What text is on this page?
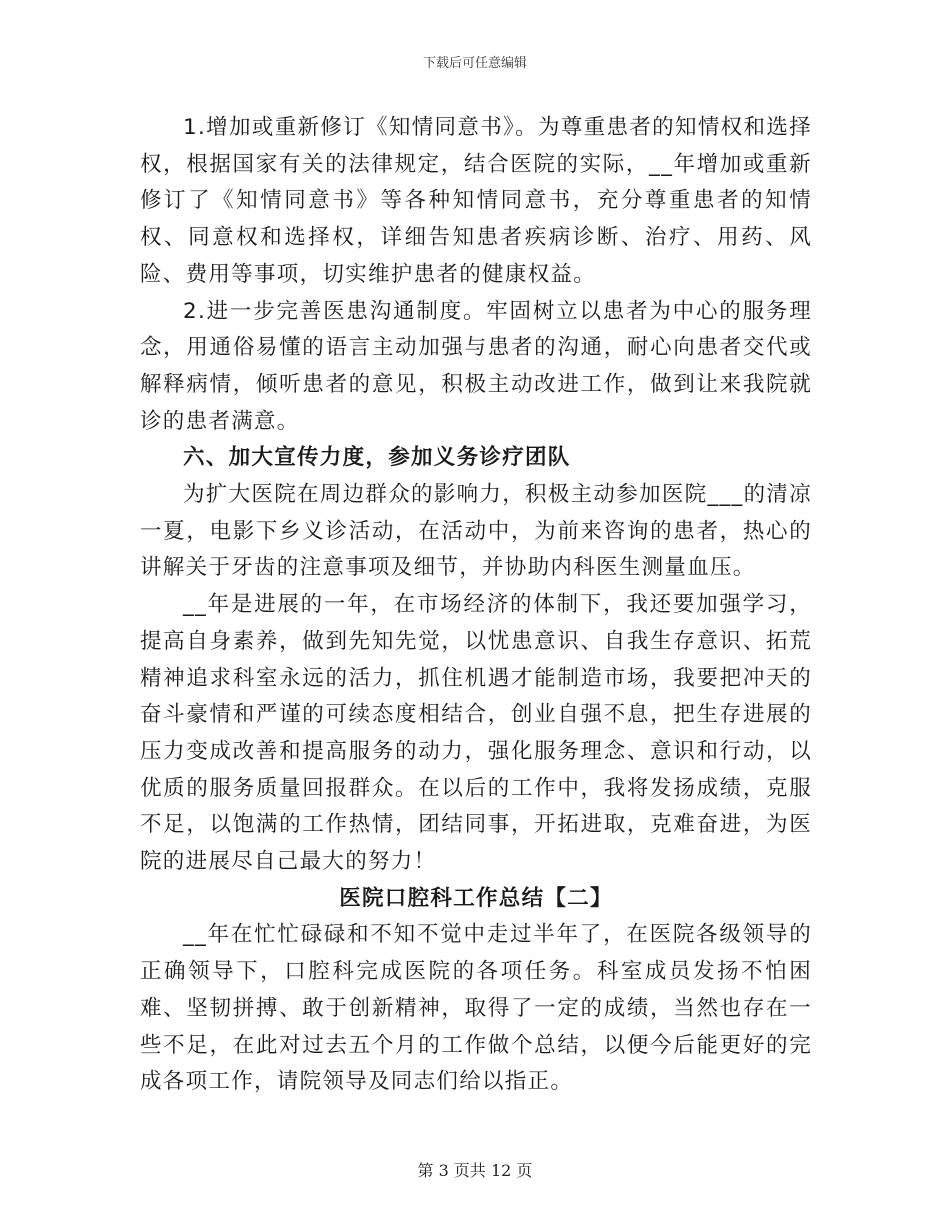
下载后可任意编辑

1.增加或重新修订《知情同意书》。为尊重患者的知情权和选择权，根据国家有关的法律规定，结合医院的实际，__年增加或重新修订了《知情同意书》等各种知情同意书，充分尊重患者的知情权、同意权和选择权，详细告知患者疾病诊断、治疗、用药、风险、费用等事项，切实维护患者的健康权益。

2.进一步完善医患沟通制度。牢固树立以患者为中心的服务理念，用通俗易懂的语言主动加强与患者的沟通，耐心向患者交代或解释病情，倾听患者的意见，积极主动改进工作，做到让来我院就诊的患者满意。

六、加大宣传力度，参加义务诊疗团队

为扩大医院在周边群众的影响力，积极主动参加医院___的清凉一夏，电影下乡义诊活动，在活动中，为前来咨询的患者，热心的讲解关于牙齿的注意事项及细节，并协助内科医生测量血压。

__年是进展的一年，在市场经济的体制下，我还要加强学习，提高自身素养，做到先知先觉，以忧患意识、自我生存意识、拓荒精神追求科室永远的活力，抓住机遇才能制造市场，我要把冲天的奋斗豪情和严谨的可续态度相结合，创业自强不息，把生存进展的压力变成改善和提高服务的动力，强化服务理念、意识和行动，以优质的服务质量回报群众。在以后的工作中，我将发扬成绩，克服不足，以饱满的工作热情，团结同事，开拓进取，克难奋进，为医院的进展尽自己最大的努力！

医院口腔科工作总结【二】

__年在忙忙碌碌和不知不觉中走过半年了，在医院各级领导的正确领导下，口腔科完成医院的各项任务。科室成员发扬不怕困难、坚韧拼搏、敢于创新精神，取得了一定的成绩，当然也存在一些不足，在此对过去五个月的工作做个总结，以便今后能更好的完成各项工作，请院领导及同志们给以指正。

第 3 页共 12 页
